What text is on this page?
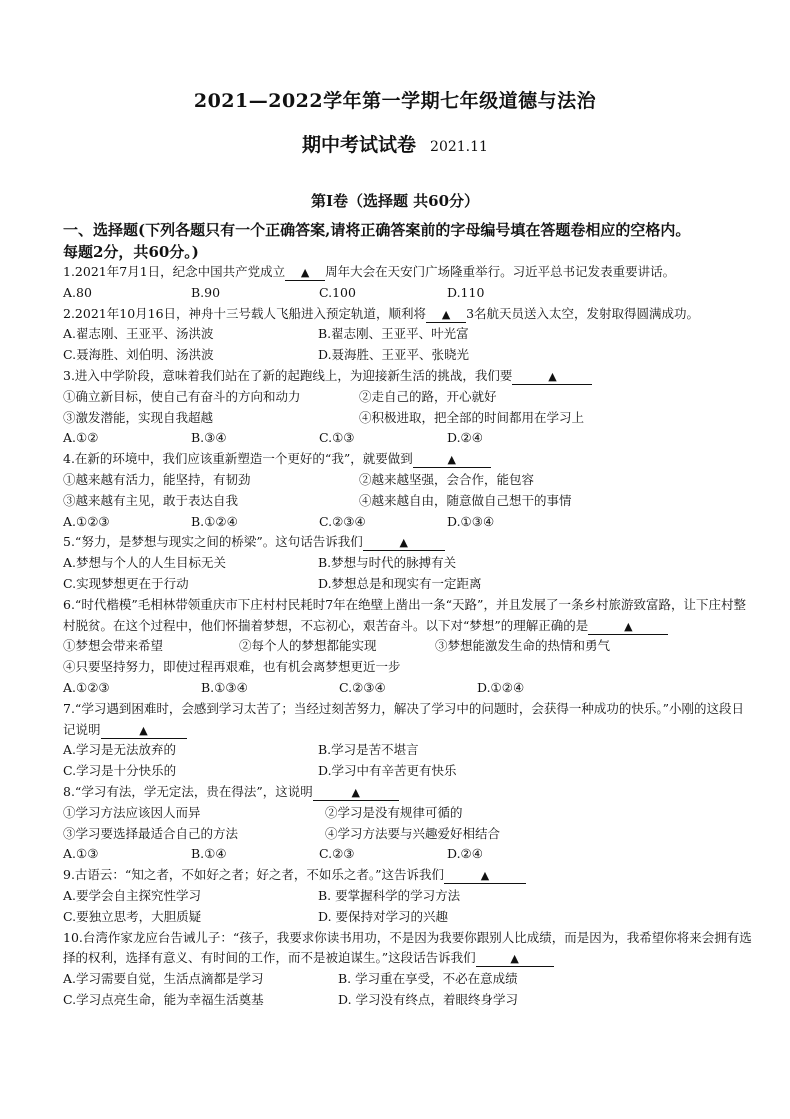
2021—2022学年第一学期七年级道德与法治
期中考试试卷 2021.11
第Ⅰ卷（选择题 共60分）
一、选择题(下列各题只有一个正确答案,请将正确答案前的字母编号填在答题卷相应的空格内。
每题2分，共60分。)

1.2021年7月1日，纪念中国共产党成立 ▲ 周年大会在天安门广场隆重举行。习近平总书记发表重要讲话。

A.80	B.90	C.100	D.110

2.2021年10月16日，神舟十三号载人飞船进入预定轨道，顺利将 ▲ 3名航天员送入太空，发射取得圆满成功。

A.翟志刚、王亚平、汤洪波	B.翟志刚、王亚平、叶光富
C.聂海胜、刘伯明、汤洪波	D.聂海胜、王亚平、张晓光

3.进入中学阶段，意味着我们站在了新的起跑线上，为迎接新生活的挑战，我们要	▲

①确立新目标，使自己有奋斗的方向和动力	②走自己的路，开心就好
③激发潜能，实现自我超越	④积极进取，把全部的时间都用在学习上
A.①②	B.③④	C.①③	D.②④

4.在新的环境中，我们应该重新塑造一个更好的“我”，就要做到	▲

①越来越有活力，能坚持，有韧劲	②越来越坚强，会合作，能包容
③越来越有主见，敢于表达自我	④越来越自由，随意做自己想干的事情
A.①②③	B.①②④	C.②③④	D.①③④

5.“努力，是梦想与现实之间的桥梁”。这句话告诉我们	▲

A.梦想与个人的人生目标无关	B.梦想与时代的脉搏有关
C.实现梦想更在于行动	D.梦想总是和现实有一定距离

6.“时代楷模”毛相林带领重庆市下庄村村民耗时7年在绝壁上凿出一条“天路”，并且发展了一条乡村旅游致富路，让下庄村整村脱贫。在这个过程中，他们怀揣着梦想，不忘初心，艰苦奋斗。以下对“梦想”的理解正确的是	▲

①梦想会带来希望	②每个人的梦想都能实现	③梦想能激发生命的热情和勇气
④只要坚持努力，即使过程再艰难，也有机会离梦想更近一步
A.①②③	B.①③④	C.②③④	D.①②④

7.“学习遇到困难时，会感到学习太苦了；当经过刻苦努力，解决了学习中的问题时，会获得一种成功的快乐。”小刚的这段日记说明	▲

A.学习是无法放弃的	B.学习是苦不堪言
C.学习是十分快乐的	D.学习中有辛苦更有快乐

8.“学习有法，学无定法，贵在得法”，这说明	▲

①学习方法应该因人而异	②学习是没有规律可循的
③学习要选择最适合自己的方法	④学习方法要与兴趣爱好相结合
A.①③	B.①④	C.②③	D.②④

9.古语云：“知之者，不如好之者；好之者，不如乐之者。”这告诉我们	▲

A.要学会自主探究性学习	B. 要掌握科学的学习方法
C.要独立思考，大胆质疑	D. 要保持对学习的兴趣

10.台湾作家龙应台告诫儿子：“孩子，我要求你读书用功，不是因为我要你跟别人比成绩，而是因为，我希望你将来会拥有选择的权利，选择有意义、有时间的工作，而不是被迫谋生。”这段话告诉我们	▲

A.学习需要自觉，生活点滴都是学习	B. 学习重在享受，不必在意成绩
C.学习点亮生命，能为幸福生活奠基	D. 学习没有终点，着眼终身学习
